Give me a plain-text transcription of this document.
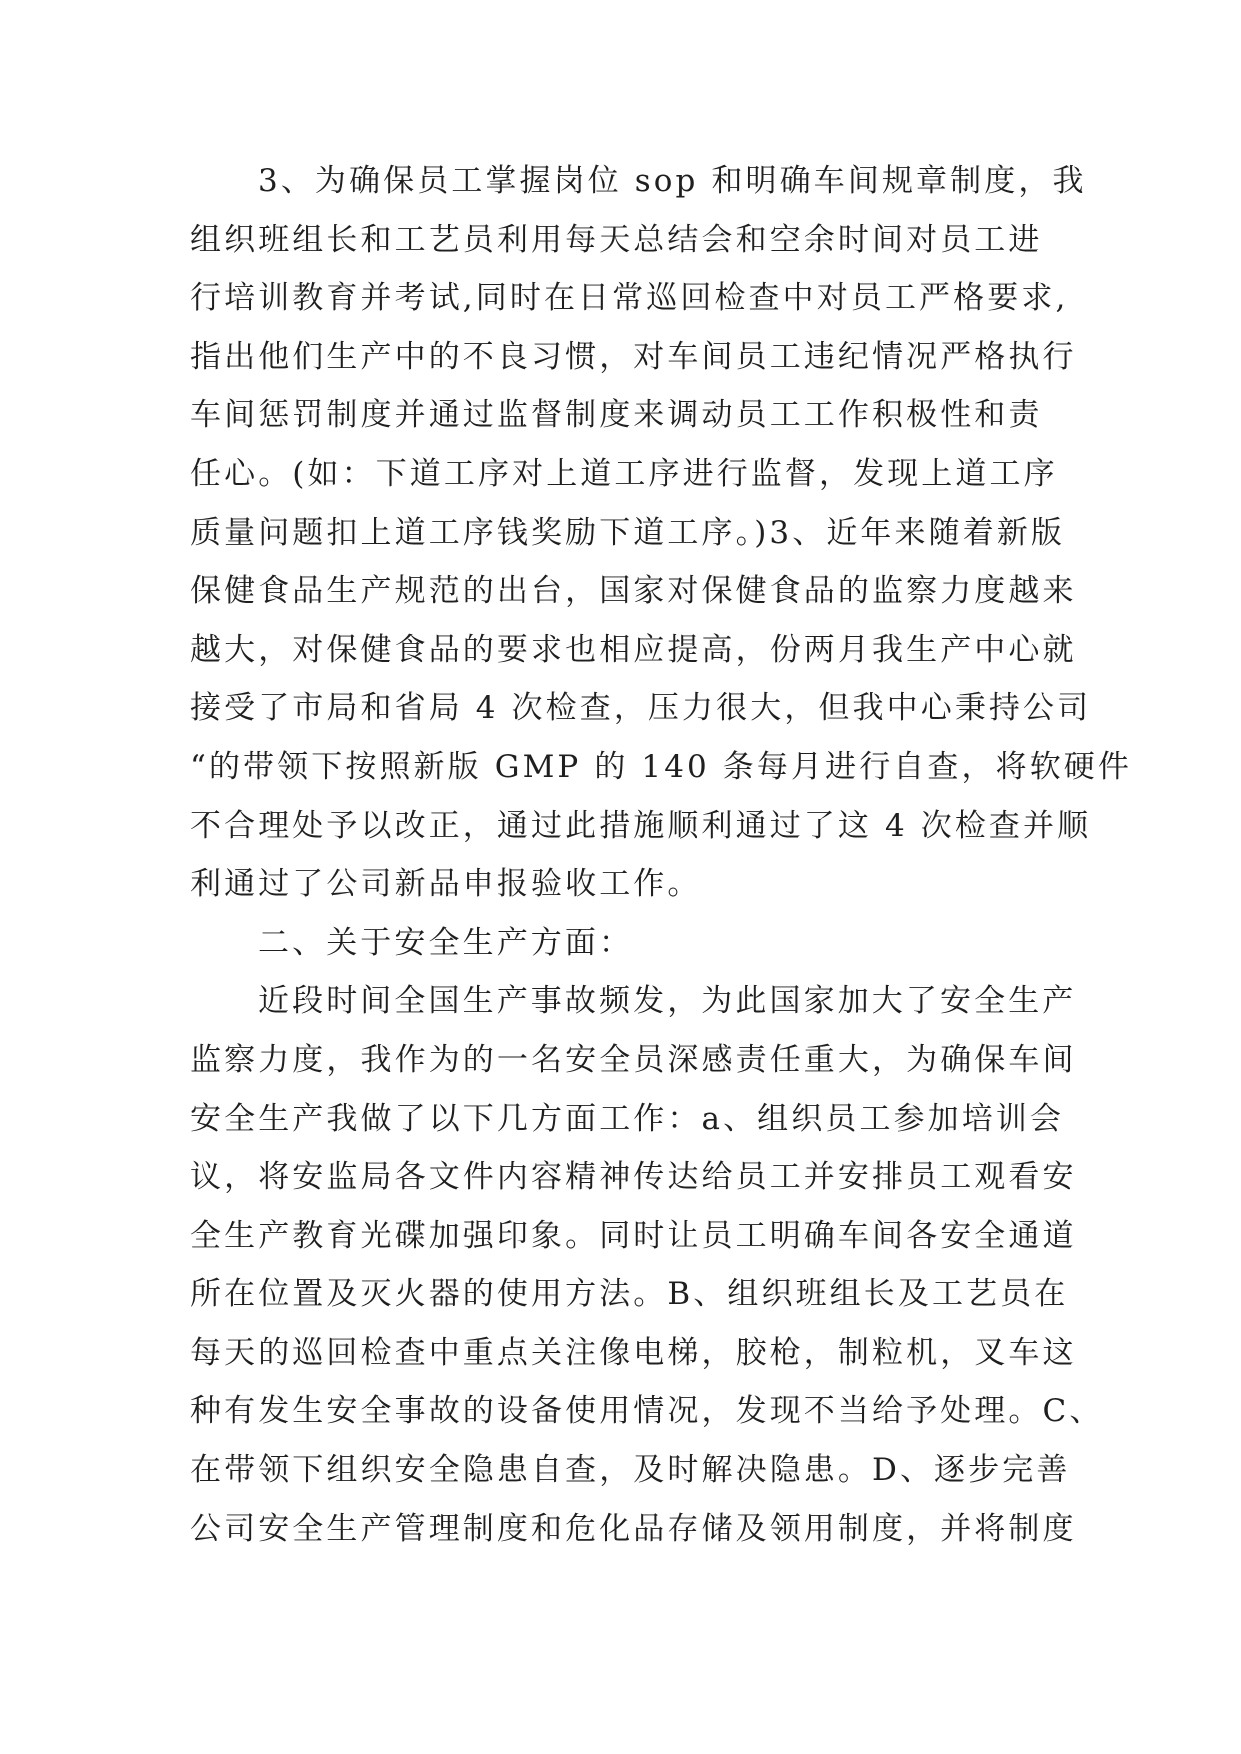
3、为确保员工掌握岗位 sop 和明确车间规章制度，我
组织班组长和工艺员利用每天总结会和空余时间对员工进
行培训教育并考试,同时在日常巡回检查中对员工严格要求,
指出他们生产中的不良习惯，对车间员工违纪情况严格执行
车间惩罚制度并通过监督制度来调动员工工作积极性和责
任心。(如：下道工序对上道工序进行监督，发现上道工序
质量问题扣上道工序钱奖励下道工序。)3、近年来随着新版
保健食品生产规范的出台，国家对保健食品的监察力度越来
越大，对保健食品的要求也相应提高，份两月我生产中心就
接受了市局和省局 4 次检查，压力很大，但我中心秉持公司
“的带领下按照新版 GMP 的 140 条每月进行自查，将软硬件
不合理处予以改正，通过此措施顺利通过了这 4 次检查并顺
利通过了公司新品申报验收工作。
二、关于安全生产方面：
近段时间全国生产事故频发，为此国家加大了安全生产
监察力度，我作为的一名安全员深感责任重大，为确保车间
安全生产我做了以下几方面工作：a、组织员工参加培训会
议，将安监局各文件内容精神传达给员工并安排员工观看安
全生产教育光碟加强印象。同时让员工明确车间各安全通道
所在位置及灭火器的使用方法。B、组织班组长及工艺员在
每天的巡回检查中重点关注像电梯，胶枪，制粒机，叉车这
种有发生安全事故的设备使用情况，发现不当给予处理。C、
在带领下组织安全隐患自查，及时解决隐患。D、逐步完善
公司安全生产管理制度和危化品存储及领用制度，并将制度
